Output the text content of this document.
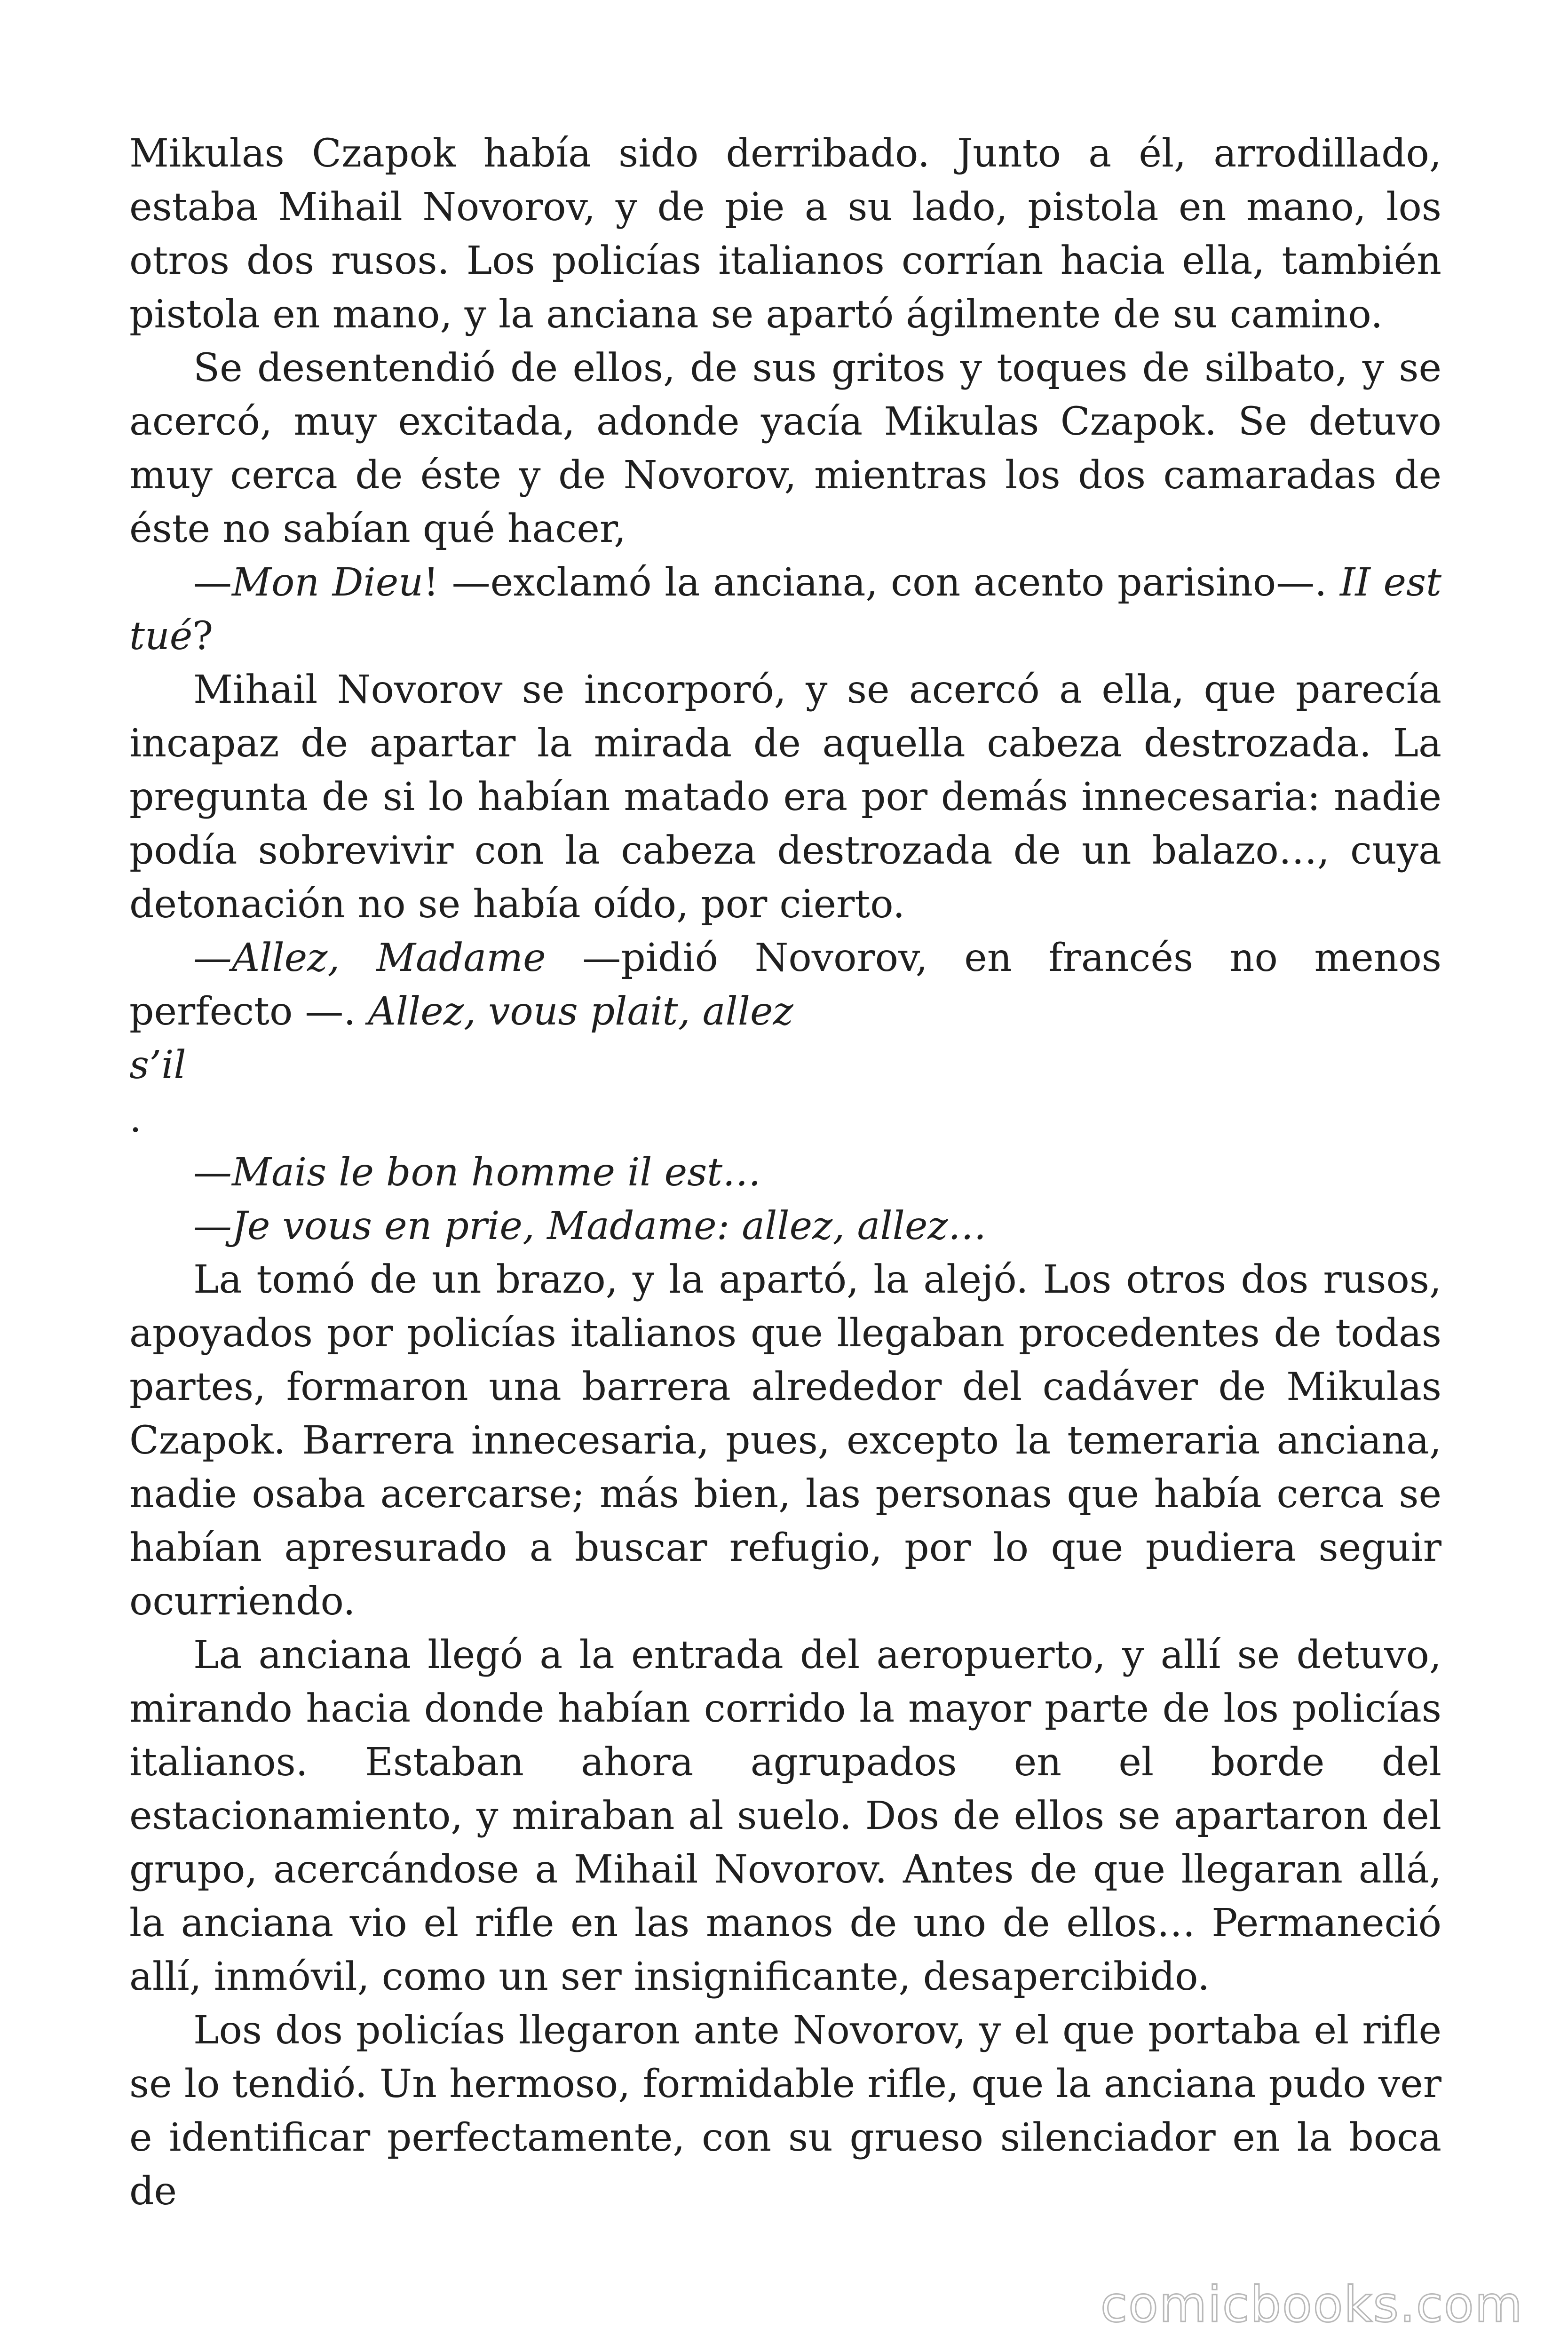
Mikulas Czapok había sido derribado. Junto a él, arrodillado, estaba Mihail Novorov, y de pie a su lado, pistola en mano, los otros dos rusos. Los policías italianos corrían hacia ella, también pistola en mano, y la anciana se apartó ágilmente de su camino.

Se desentendió de ellos, de sus gritos y toques de silbato, y se acercó, muy excitada, adonde yacía Mikulas Czapok. Se detuvo muy cerca de éste y de Novorov, mientras los dos camaradas de éste no sabían qué hacer,

—Mon Dieu! —exclamó la anciana, con acento parisino—. II est tué?

Mihail Novorov se incorporó, y se acercó a ella, que parecía incapaz de apartar la mirada de aquella cabeza destrozada. La pregunta de si lo habían matado era por demás innecesaria: nadie podía sobrevivir con la cabeza destrozada de un balazo…, cuya detonación no se había oído, por cierto.

—Allez, Madame —pidió Novorov, en francés no menos perfecto —. Allez, vous plait, allez

s’il

.

—Mais le bon homme il est…

—Je vous en prie, Madame: allez, allez…

La tomó de un brazo, y la apartó, la alejó. Los otros dos rusos, apoyados por policías italianos que llegaban procedentes de todas partes, formaron una barrera alrededor del cadáver de Mikulas Czapok. Barrera innecesaria, pues, excepto la temeraria anciana, nadie osaba acercarse; más bien, las personas que había cerca se habían apresurado a buscar refugio, por lo que pudiera seguir ocurriendo.

La anciana llegó a la entrada del aeropuerto, y allí se detuvo, mirando hacia donde habían corrido la mayor parte de los policías italianos. Estaban ahora agrupados en el borde del estacionamiento, y miraban al suelo. Dos de ellos se apartaron del grupo, acercándose a Mihail Novorov. Antes de que llegaran allá, la anciana vio el rifle en las manos de uno de ellos… Permaneció allí, inmóvil, como un ser insignificante, desapercibido.

Los dos policías llegaron ante Novorov, y el que portaba el rifle se lo tendió. Un hermoso, formidable rifle, que la anciana pudo ver e identificar perfectamente, con su grueso silenciador en la boca de

comicbooks.com
